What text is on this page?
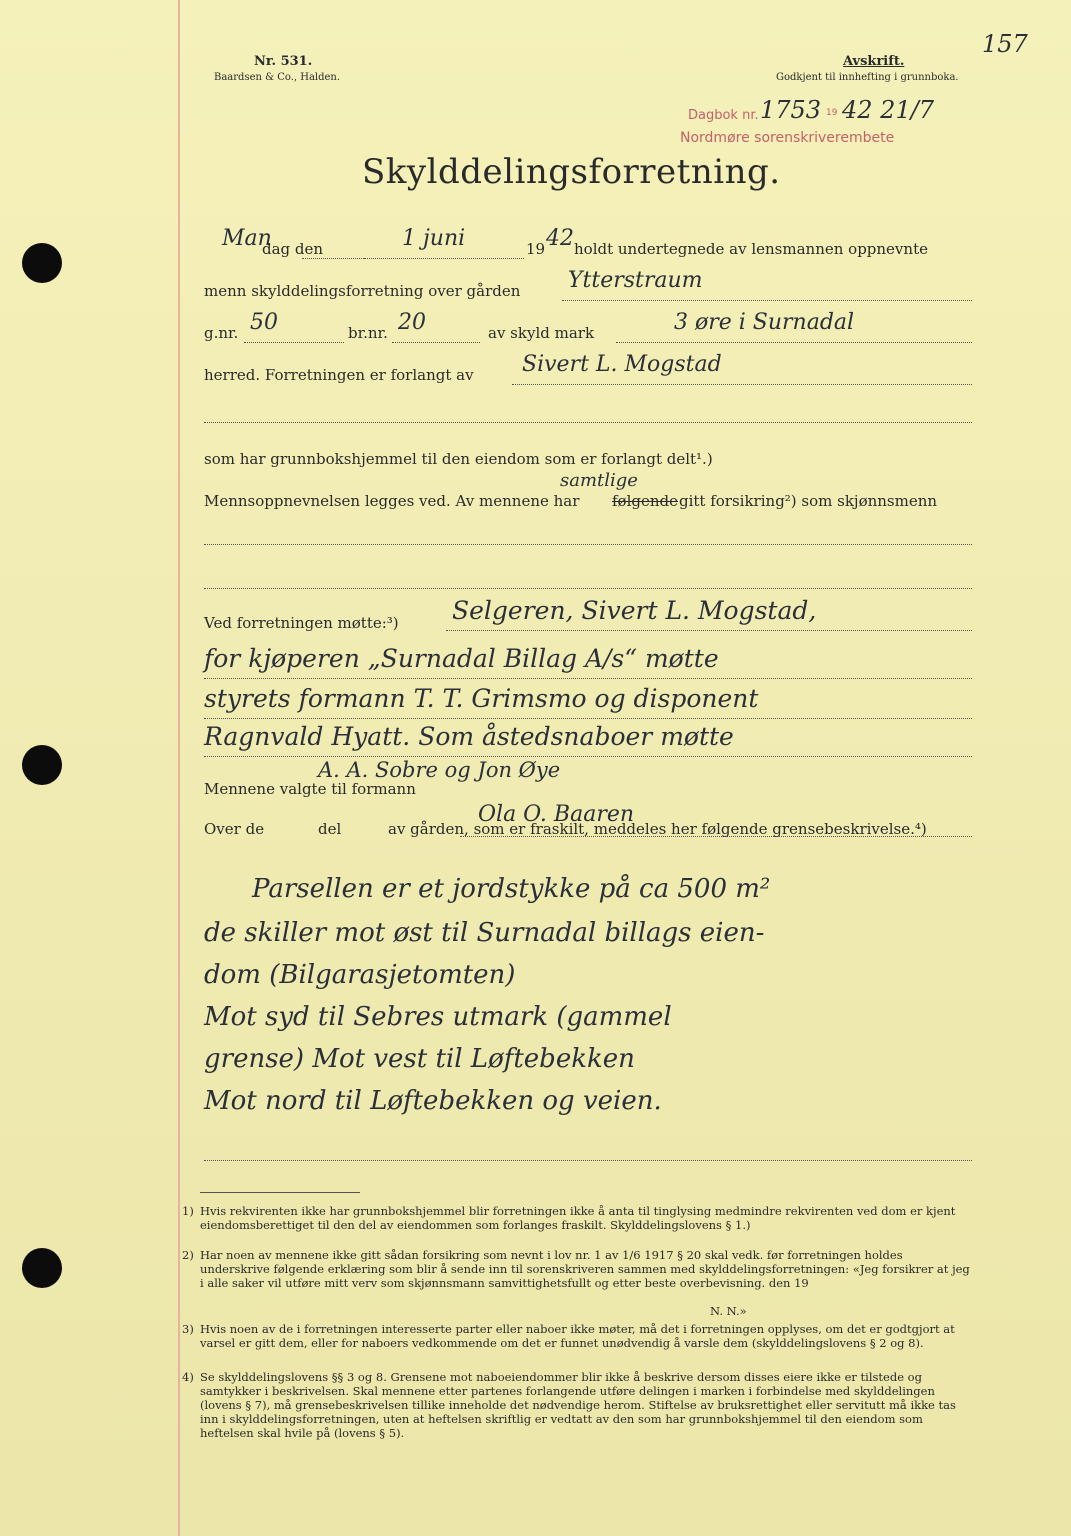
Nr. 531.
Baardsen & Co., Halden.
Avskrift.
Godkjent til innhefting i grunnboka.
157
Dagbok nr. 1753 19 42 21/7
Nordmøre sorenskriverembete
Skylddelingsforretning.
Man
dag den	1 juni	19 42 holdt undertegnede av lensmannen oppnevnte
menn skylddelingsforretning over gården Ytterstraum
g.nr. 50	br.nr. 20	av skyld mark	3 øre i Surnadal
herred. Forretningen er forlangt av Sivert L. Mogstad
som har grunnbokshjemmel til den eiendom som er forlangt delt¹.)
samtlige
Mennsoppnevnelsen legges ved. Av mennene har følgende gitt forsikring²) som skjønnsmenn
Ved forretningen møtte:³) Selgeren, Sivert L. Mogstad,
for kjøperen „Surnadal Billag A/s“ møtte
styrets formann T. T. Grimsmo og disponent
Ragnvald Hyatt. Som åstedsnaboer møtte
A. A. Sobre og Jon Øye
Mennene valgte til formann
Ola O. Baaren
Over de	del	av gården, som er fraskilt, meddeles her følgende grensebeskrivelse.⁴)
Parsellen er et jordstykke på ca 500 m²
de skiller mot øst til Surnadal billags eien-
dom (Bilgarasjetomten)
Mot syd til Sebres utmark (gammel
grense) Mot vest til Løftebekken
Mot nord til Løftebekken og veien.
1) Hvis rekvirenten ikke har grunnbokshjemmel blir forretningen ikke å anta til tinglysing medmindre rekvirenten ved dom er kjent eiendomsberettiget til den del av eiendommen som forlanges fraskilt. Skylddelingslovens § 1.)

2) Har noen av mennene ikke gitt sådan forsikring som nevnt i lov nr. 1 av 1/6 1917 § 20 skal vedk. før forretningen holdes underskrive følgende erklæring som blir å sende inn til sorenskriveren sammen med skylddelingsforretningen: «Jeg forsikrer at jeg i alle saker vil utføre mitt verv som skjønnsmann samvittighetsfullt og etter beste overbevisning. den 19

N. N.»

3) Hvis noen av de i forretningen interesserte parter eller naboer ikke møter, må det i forretningen opplyses, om det er godtgjort at varsel er gitt dem, eller for naboers vedkommende om det er funnet unødvendig å varsle dem (skylddelingslovens § 2 og 8).

4) Se skylddelingslovens §§ 3 og 8. Grensene mot naboeiendommer blir ikke å beskrive dersom disses eiere ikke er tilstede og samtykker i beskrivelsen. Skal mennene etter partenes forlangende utføre delingen i marken i forbindelse med skylddelingen (lovens § 7), må grensebeskrivelsen tillike inneholde det nødvendige herom. Stiftelse av bruksrettighet eller servitutt må ikke tas inn i skylddelingsforretningen, uten at heftelsen skriftlig er vedtatt av den som har grunnbokshjemmel til den eiendom som heftelsen skal hvile på (lovens § 5).
